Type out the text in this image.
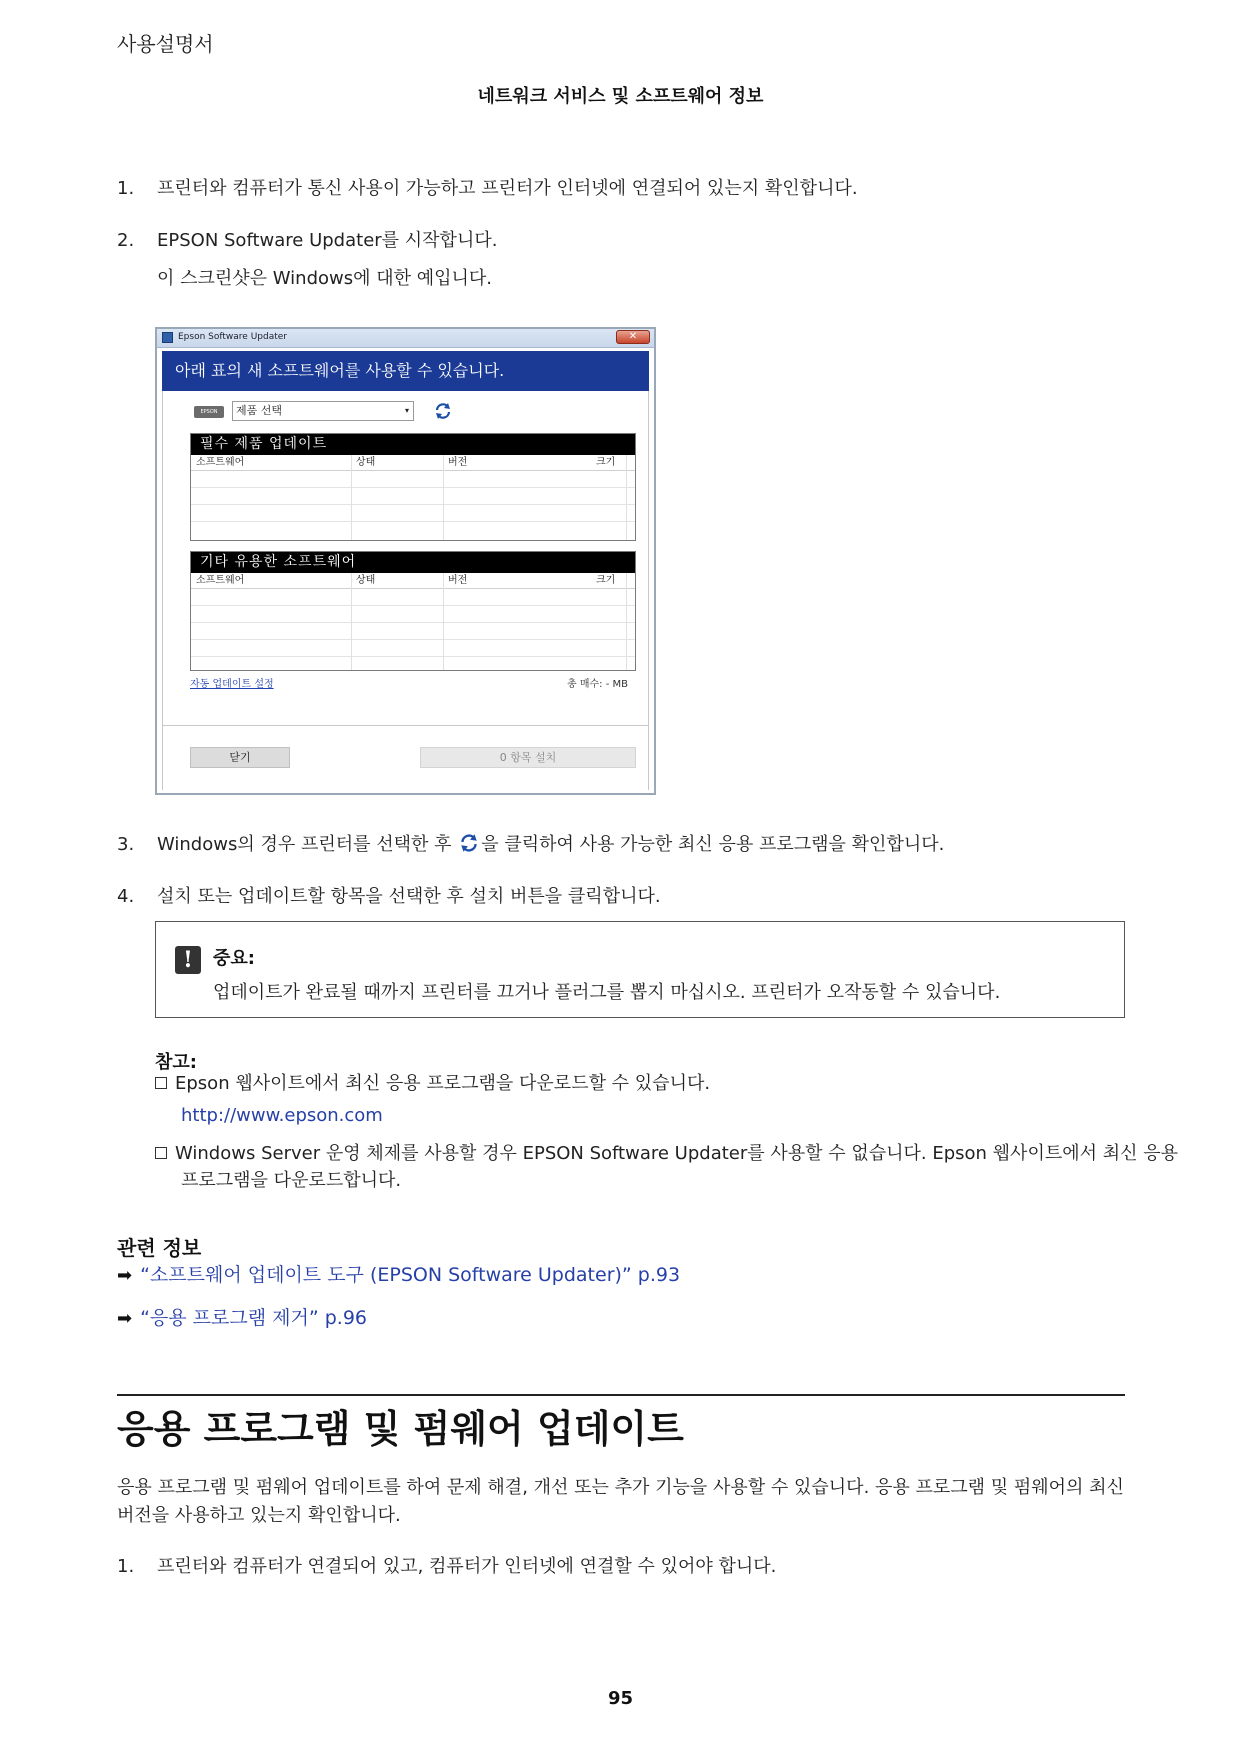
사용설명서
네트워크 서비스 및 소프트웨어 정보
1. 프린터와 컴퓨터가 통신 사용이 가능하고 프린터가 인터넷에 연결되어 있는지 확인합니다.
2. EPSON Software Updater를 시작합니다.
이 스크린샷은 Windows에 대한 예입니다.
Epson Software Updater	✕
아래 표의 새 소프트웨어를 사용할 수 있습니다.
EPSON	제품 선택	▾
필수 제품 업데이트
소프트웨어	상태	버전	크기
기타 유용한 소프트웨어
소프트웨어	상태	버전	크기
자동 업데이트 설정	총 매수: - MB
닫기	0 항목 설치
3. Windows의 경우 프린터를 선택한 후 을 클릭하여 사용 가능한 최신 응용 프로그램을 확인합니다.
4. 설치 또는 업데이트할 항목을 선택한 후 설치 버튼을 클릭합니다.
!	중요:
업데이트가 완료될 때까지 프린터를 끄거나 플러그를 뽑지 마십시오. 프린터가 오작동할 수 있습니다.
참고:
Epson 웹사이트에서 최신 응용 프로그램을 다운로드할 수 있습니다.
http://www.epson.com
Windows Server 운영 체제를 사용할 경우 EPSON Software Updater를 사용할 수 없습니다. Epson 웹사이트에서 최신 응용
프로그램을 다운로드합니다.
관련 정보
➡ “소프트웨어 업데이트 도구 (EPSON Software Updater)” p.93
➡ “응용 프로그램 제거” p.96
응용 프로그램 및 펌웨어 업데이트
응용 프로그램 및 펌웨어 업데이트를 하여 문제 해결, 개선 또는 추가 기능을 사용할 수 있습니다. 응용 프로그램 및 펌웨어의 최신 버전을 사용하고 있는지 확인합니다.
1. 프린터와 컴퓨터가 연결되어 있고, 컴퓨터가 인터넷에 연결할 수 있어야 합니다.
95
